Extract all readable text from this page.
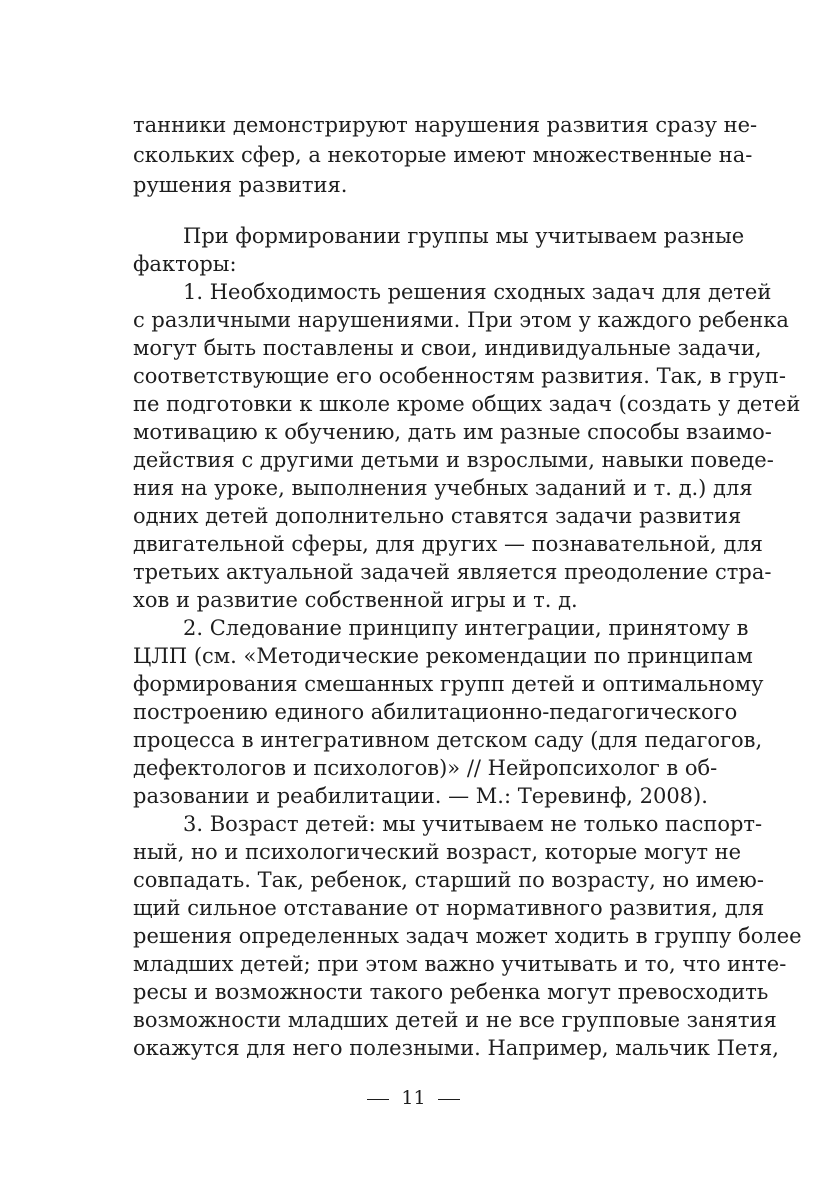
танники демонстрируют нарушения развития сразу не-
скольких сфер, а некоторые имеют множественные на-
рушения развития.
При формировании группы мы учитываем разные
факторы:
1. Необходимость решения сходных задач для детей
с различными нарушениями. При этом у каждого ребенка
могут быть поставлены и свои, индивидуальные задачи,
соответствующие его особенностям развития. Так, в груп-
пе подготовки к школе кроме общих задач (создать у детей
мотивацию к обучению, дать им разные способы взаимо-
действия с другими детьми и взрослыми, навыки поведе-
ния на уроке, выполнения учебных заданий и т. д.) для
одних детей дополнительно ставятся задачи развития
двигательной сферы, для других — познавательной, для
третьих актуальной задачей является преодоление стра-
хов и развитие собственной игры и т. д.
2. Следование принципу интеграции, принятому в
ЦЛП (см. «Методические рекомендации по принципам
формирования смешанных групп детей и оптимальному
построению единого абилитационно-педагогического
процесса в интегративном детском саду (для педагогов,
дефектологов и психологов)» // Нейропсихолог в об-
разовании и реабилитации. — М.: Теревинф, 2008).
3. Возраст детей: мы учитываем не только паспорт-
ный, но и психологический возраст, которые могут не
совпадать. Так, ребенок, старший по возрасту, но имею-
щий сильное отставание от нормативного развития, для
решения определенных задач может ходить в группу более
младших детей; при этом важно учитывать и то, что инте-
ресы и возможности такого ребенка могут превосходить
возможности младших детей и не все групповые занятия
окажутся для него полезными. Например, мальчик Петя,
11
